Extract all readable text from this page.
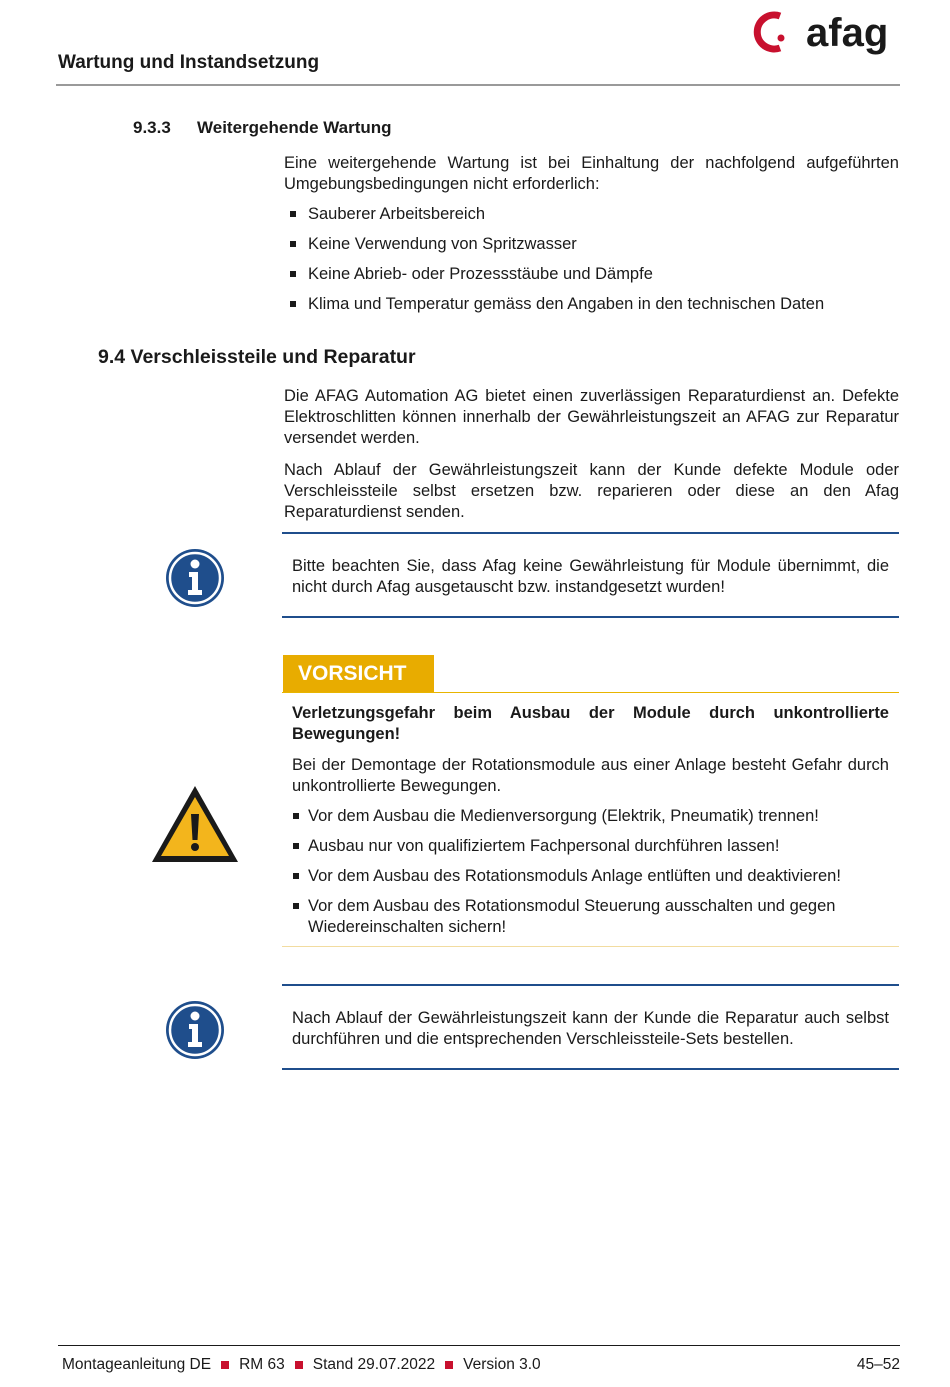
Wartung und Instandsetzung
afag
9.3.3 Weitergehende Wartung
Eine weitergehende Wartung ist bei Einhaltung der nachfolgend aufgeführten Umgebungsbedingungen nicht erforderlich:
Sauberer Arbeitsbereich
Keine Verwendung von Spritzwasser
Keine Abrieb- oder Prozessstäube und Dämpfe
Klima und Temperatur gemäss den Angaben in den technischen Daten
9.4 Verschleissteile und Reparatur
Die AFAG Automation AG bietet einen zuverlässigen Reparaturdienst an. Defekte Elektroschlitten können innerhalb der Gewährleistungszeit an AFAG zur Reparatur versendet werden.
Nach Ablauf der Gewährleistungszeit kann der Kunde defekte Module oder Verschleissteile selbst ersetzen bzw. reparieren oder diese an den Afag Reparaturdienst senden.
Bitte beachten Sie, dass Afag keine Gewährleistung für Module übernimmt, die nicht durch Afag ausgetauscht bzw. instandgesetzt wurden!
VORSICHT
Verletzungsgefahr beim Ausbau der Module durch unkontrollierte Bewegungen!
Bei der Demontage der Rotationsmodule aus einer Anlage besteht Gefahr durch unkontrollierte Bewegungen.
Vor dem Ausbau die Medienversorgung (Elektrik, Pneumatik) trennen!
Ausbau nur von qualifiziertem Fachpersonal durchführen lassen!
Vor dem Ausbau des Rotationsmoduls Anlage entlüften und deaktivieren!
Vor dem Ausbau des Rotationsmodul Steuerung ausschalten und gegen Wiedereinschalten sichern!
Nach Ablauf der Gewährleistungszeit kann der Kunde die Reparatur auch selbst durchführen und die entsprechenden Verschleissteile-Sets bestellen.
Montageanleitung DE RM 63 Stand 29.07.2022 Version 3.0	45–52
